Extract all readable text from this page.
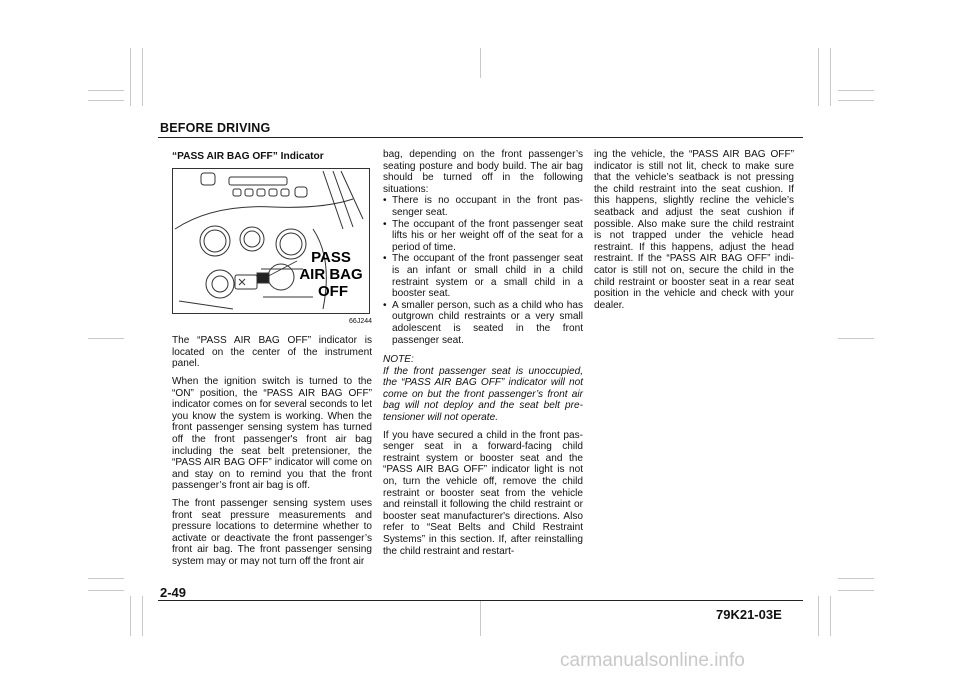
BEFORE DRIVING
“PASS AIR BAG OFF” Indicator
PASS
AIR BAG
OFF
66J244

The “PASS AIR BAG OFF” indicator is located on the center of the instrument panel.

When the ignition switch is turned to the “ON” position, the “PASS AIR BAG OFF” indicator comes on for several seconds to let you know the system is working. When the front passenger sensing system has turned off the front passenger's front air bag including the seat belt pretensioner, the “PASS AIR BAG OFF” indicator will come on and stay on to remind you that the front passenger’s front air bag is off.

The front passenger sensing system uses front seat pressure measurements and pressure locations to determine whether to activate or deactivate the front passenger’s front air bag. The front passenger sensing system may or may not turn off the front air

bag, depending on the front passenger’s seating posture and body build. The air bag should be turned off in the following situations:

• There is no occupant in the front pas-senger seat.
• The occupant of the front passenger seat lifts his or her weight off of the seat for a period of time.
• The occupant of the front passenger seat is an infant or small child in a child restraint system or a small child in a booster seat.
• A smaller person, such as a child who has outgrown child restraints or a very small adolescent is seated in the front passenger seat.
NOTE:

If the front passenger seat is unoccupied, the “PASS AIR BAG OFF” indicator will not come on but the front passenger’s front air bag will not deploy and the seat belt pre-tensioner will not operate.

If you have secured a child in the front pas-senger seat in a forward-facing child restraint system or booster seat and the “PASS AIR BAG OFF” indicator light is not on, turn the vehicle off, remove the child restraint or booster seat from the vehicle and reinstall it following the child restraint or booster seat manufacturer's directions. Also refer to “Seat Belts and Child Restraint Systems” in this section. If, after reinstalling the child restraint and restart-

ing the vehicle, the “PASS AIR BAG OFF” indicator is still not lit, check to make sure that the vehicle’s seatback is not pressing the child restraint into the seat cushion. If this happens, slightly recline the vehicle’s seatback and adjust the seat cushion if possible. Also make sure the child restraint is not trapped under the vehicle head restraint. If this happens, adjust the head restraint. If the “PASS AIR BAG OFF” indi-cator is still not on, secure the child in the child restraint or booster seat in a rear seat position in the vehicle and check with your dealer.

2-49
79K21-03E
carmanualsonline.info
